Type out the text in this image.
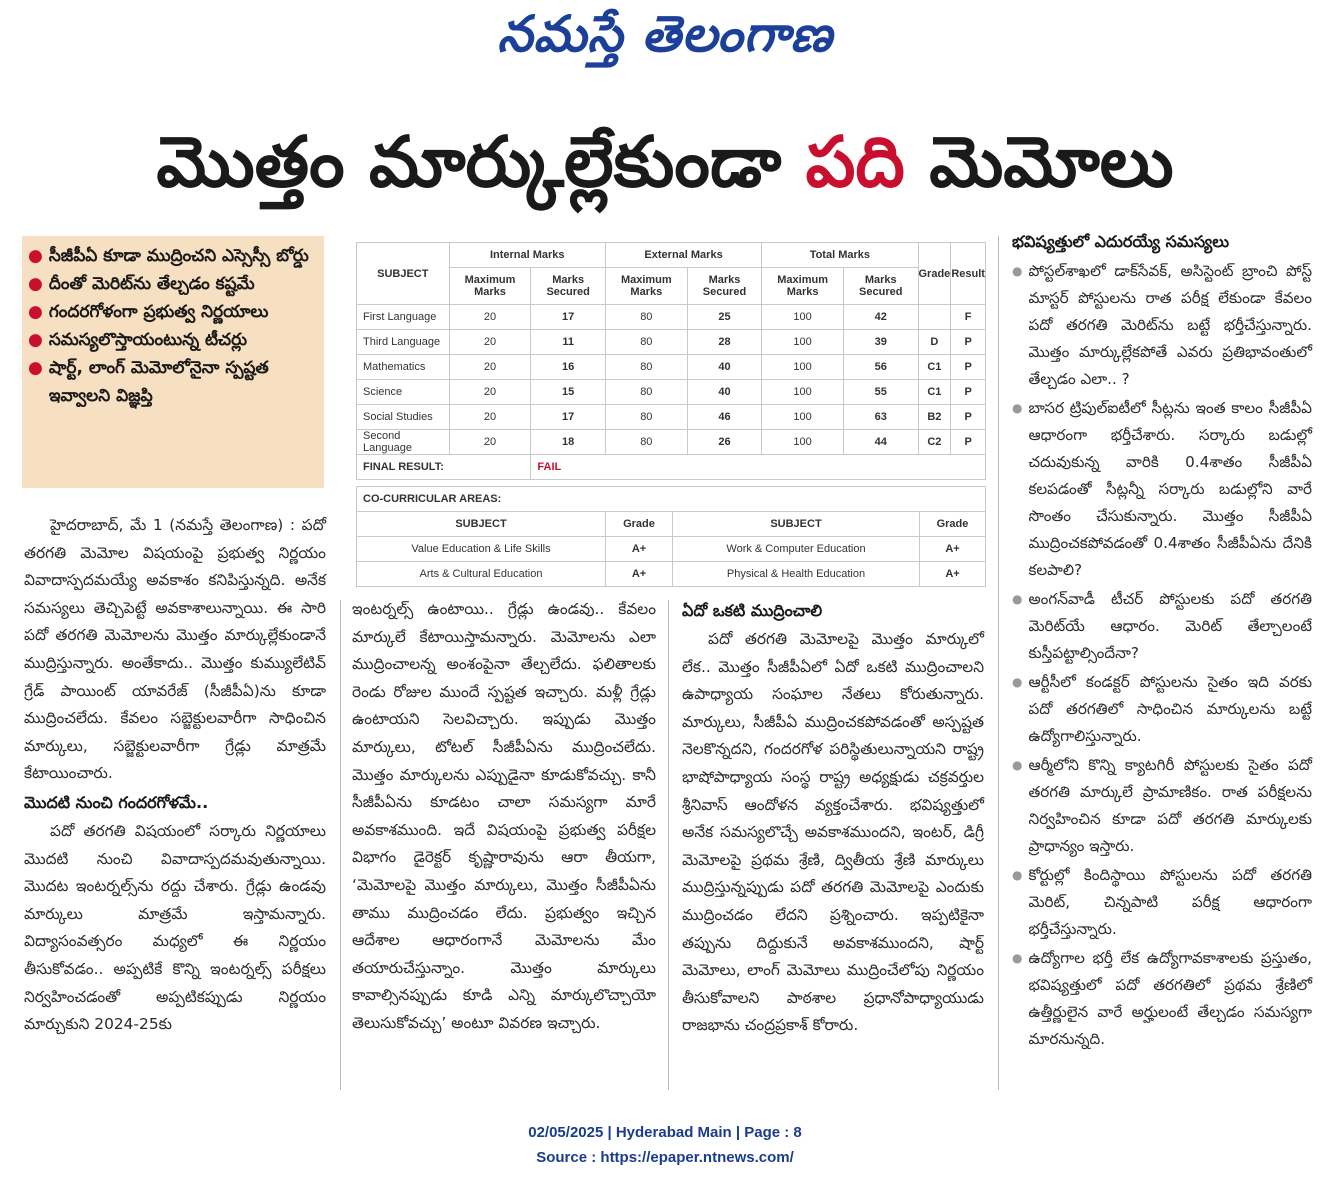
నమస్తే తెలంగాణ
మొత్తం మార్కుల్లేకుండా పది మెమోలు
● సీజీపీఏ కూడా ముద్రించని ఎస్సెస్సీ బోర్డు
● దీంతో మెరిట్‌ను తేల్చడం కష్టమే
● గందరగోళంగా ప్రభుత్వ నిర్ణయాలు
● సమస్యలొస్తాయంటున్న టీచర్లు
● షార్ట్‌, లాంగ్‌ మెమోలోనైనా స్పష్టత ఇవ్వాలని విజ్ఞప్తి
SUBJECT	Internal Marks		External Marks		Total Marks		Grade	Result
	Maximum Marks	Marks Secured	Maximum Marks	Marks Secured	Maximum Marks	Marks Secured		
First Language	20	17	80	25	100	42		F
Third Language	20	11	80	28	100	39	D	P
Mathematics	20	16	80	40	100	56	C1	P
Science	20	15	80	40	100	55	C1	P
Social Studies	20	17	80	46	100	63	B2	P
Second Language	20	18	80	26	100	44	C2	P
FINAL RESULT:		FAIL						
CO-CURRICULAR AREAS:			
SUBJECT	Grade	SUBJECT	Grade
Value Education & Life Skills	A+	Work & Computer Education	A+
Arts & Cultural Education	A+	Physical & Health Education	A+

హైదరాబాద్‌, మే 1 (నమస్తే తెలంగాణ) : పదో తరగతి మెమోల విషయంపై ప్రభుత్వ నిర్ణయం వివాదాస్పదమయ్యే అవకాశం కనిపిస్తున్నది. అనేక సమస్యలు తెచ్చిపెట్టే అవకాశాలున్నాయి. ఈ సారి పదో తరగతి మెమోలను మొత్తం మార్కుల్లేకుండానే ముద్రిస్తున్నారు. అంతేకాదు.. మొత్తం కుమ్యులేటివ్‌ గ్రేడ్‌ పాయింట్‌ యావరేజ్‌ (సీజీపీఏ)ను కూడా ముద్రించలేదు. కేవలం సబ్జెక్టులవారీగా సాధించిన మార్కులు, సబ్జెక్టులవారీగా గ్రేడ్లు మాత్రమే కేటాయించారు.

మొదటి నుంచి గందరగోళమే..

పదో తరగతి విషయంలో సర్కారు నిర్ణయాలు మొదటి నుంచి వివాదాస్పదమవుతున్నాయి. మొదట ఇంటర్నల్స్‌ను రద్దు చేశారు. గ్రేడ్లు ఉండవు మార్కులు మాత్రమే ఇస్తామన్నారు. విద్యాసంవత్సరం మధ్యలో ఈ నిర్ణయం తీసుకోవడం.. అప్పటికే కొన్ని ఇంటర్నల్స్‌ పరీక్షలు నిర్వహించడంతో అప్పటికప్పుడు నిర్ణయం మార్చుకుని 2024-25కు

ఇంటర్నల్స్‌ ఉంటాయి.. గ్రేడ్లు ఉండవు.. కేవలం మార్కులే కేటాయిస్తామన్నారు. మెమోలను ఎలా ముద్రించాలన్న అంశంపైనా తేల్చలేదు. ఫలితాలకు రెండు రోజుల ముందే స్పష్టత ఇచ్చారు. మళ్లీ గ్రేడ్లు ఉంటాయని సెలవిచ్చారు. ఇప్పుడు మొత్తం మార్కులు, టోటల్‌ సీజీపీఏను ముద్రించలేదు. మొత్తం మార్కులను ఎప్పుడైనా కూడుకోవచ్చు. కానీ సీజీపీఏను కూడటం చాలా సమస్యగా మారే అవకాశముంది. ఇదే విషయంపై ప్రభుత్వ పరీక్షల విభాగం డైరెక్టర్‌ కృష్ణారావును ఆరా తీయగా, ‘మెమోలపై మొత్తం మార్కులు, మొత్తం సీజీపీఏను తాము ముద్రించడం లేదు. ప్రభుత్వం ఇచ్చిన ఆదేశాల ఆధారంగానే మెమోలను మేం తయారుచేస్తున్నాం. మొత్తం మార్కులు కావాల్సినప్పుడు కూడి ఎన్ని మార్కులొచ్చాయో తెలుసుకోవచ్చు’ అంటూ వివరణ ఇచ్చారు.

ఏదో ఒకటి ముద్రించాలి

పదో తరగతి మెమోలపై మొత్తం మార్కులో లేక.. మొత్తం సీజీపీఏలో ఏదో ఒకటి ముద్రించాలని ఉపాధ్యాయ సంఘాల నేతలు కోరుతున్నారు. మార్కులు, సీజీపీఏ ముద్రించకపోవడంతో అస్పష్టత నెలకొన్నదని, గందరగోళ పరిస్థితులున్నాయని రాష్ట్ర భాషోపాధ్యాయ సంస్థ రాష్ట్ర అధ్యక్షుడు చక్రవర్తుల శ్రీనివాస్‌ ఆందోళన వ్యక్తంచేశారు. భవిష్యత్తులో అనేక సమస్యలొచ్చే అవకాశముందని, ఇంటర్‌, డిగ్రీ మెమోలపై ప్రథమ శ్రేణి, ద్వితీయ శ్రేణి మార్కులు ముద్రిస్తున్నప్పుడు పదో తరగతి మెమోలపై ఎందుకు ముద్రించడం లేదని ప్రశ్నించారు. ఇప్పటికైనా తప్పును దిద్దుకునే అవకాశముందని, షార్ట్‌ మెమోలు, లాంగ్‌ మెమోలు ముద్రించేలోపు నిర్ణయం తీసుకోవాలని పాఠశాల ప్రధానోపాధ్యాయుడు రాజభాను చంద్రప్రకాశ్‌ కోరారు.

భవిష్యత్తులో ఎదురయ్యే సమస్యలు
● పోస్టల్‌శాఖలో డాక్‌సేవక్‌, అసిస్టెంట్‌ బ్రాంచి పోస్ట్‌ మాస్టర్‌ పోస్టులను రాత పరీక్ష లేకుండా కేవలం పదో తరగతి మెరిట్‌ను బట్టే భర్తీచేస్తున్నారు. మొత్తం మార్కుల్లేకపోతే ఎవరు ప్రతిభావంతులో తేల్చడం ఎలా.. ?
● బాసర ట్రిపుల్‌ఐటీలో సీట్లను ఇంత కాలం సీజీపీఏ ఆధారంగా భర్తీచేశారు. సర్కారు బడుల్లో చదువుకున్న వారికి 0.4శాతం సీజీపీఏ కలపడంతో సీట్లన్నీ సర్కారు బడుల్లోని వారే సొంతం చేసుకున్నారు. మొత్తం సీజీపీఏ ముద్రించకపోవడంతో 0.4శాతం సీజీపీఏను దేనికి కలపాలి?
● అంగన్‌వాడీ టీచర్‌ పోస్టులకు పదో తరగతి మెరిట్‌యే ఆధారం. మెరిట్‌ తేల్చాలంటే కుస్తీపట్టాల్సిందేనా?
● ఆర్టీసీలో కండక్టర్‌ పోస్టులను సైతం ఇది వరకు పదో తరగతిలో సాధించిన మార్కులను బట్టే ఉద్యోగాలిస్తున్నారు.
● ఆర్మీలోని కొన్ని క్యాటగిరీ పోస్టులకు సైతం పదో తరగతి మార్కులే ప్రామాణికం. రాత పరీక్షలను నిర్వహించిన కూడా పదో తరగతి మార్కులకు ప్రాధాన్యం ఇస్తారు.
● కోర్టుల్లో కిందిస్థాయి పోస్టులను పదో తరగతి మెరిట్‌, చిన్నపాటి పరీక్ష ఆధారంగా భర్తీచేస్తున్నారు.
● ఉద్యోగాల భర్తీ లేక ఉద్యోగావకాశాలకు ప్రస్తుతం, భవిష్యత్తులో పదో తరగతిలో ప్రథమ శ్రేణిలో ఉత్తీర్ణులైన వారే అర్హులంటే తేల్చడం సమస్యగా మారనున్నది.
02/05/2025 | Hyderabad Main | Page : 8
Source : https://epaper.ntnews.com/
